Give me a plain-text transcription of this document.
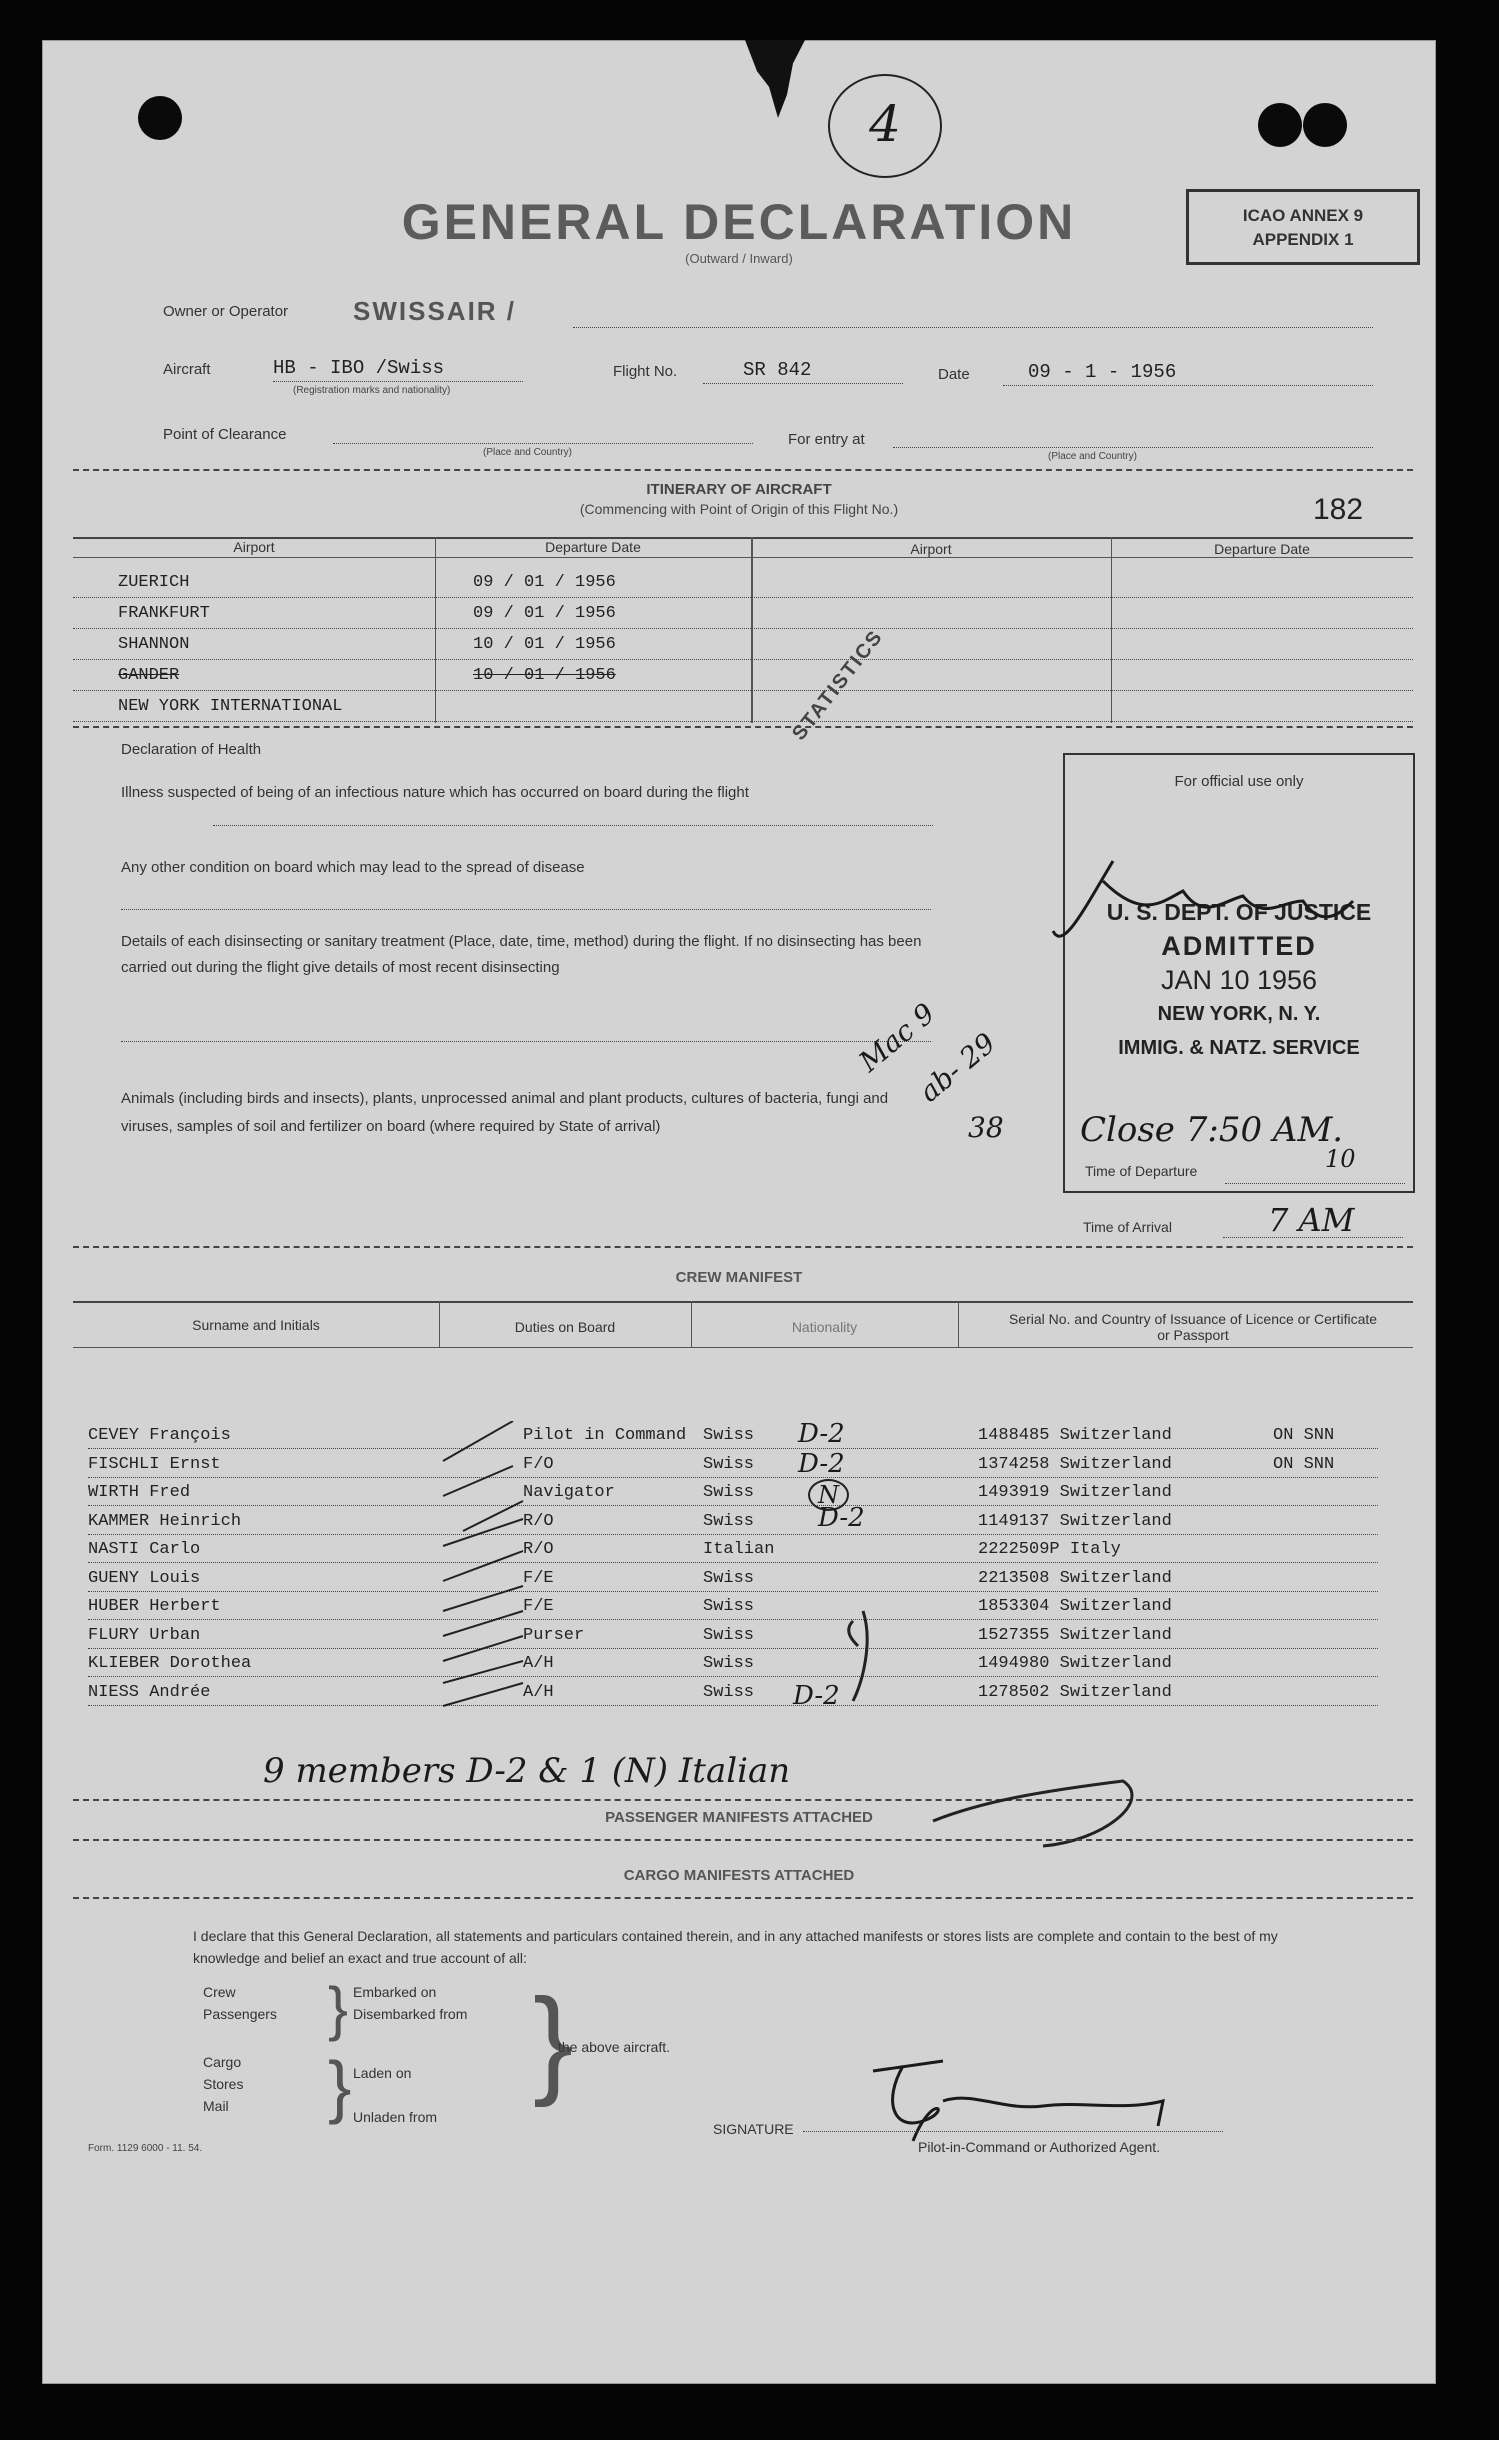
4
GENERAL DECLARATION
(Outward / Inward)
ICAO ANNEX 9
APPENDIX 1
Owner or Operator SWISSAIR /
Aircraft	HB - IBO /Swiss
(Registration marks and nationality)
Flight No.	SR 842	Date	09 - 1 - 1956
Point of Clearance
(Place and Country)
For entry at
(Place and Country)
ITINERARY OF AIRCRAFT
(Commencing with Point of Origin of this Flight No.)	182
Airport	Departure Date	Airport	Departure Date
ZUERICH	09 / 01 / 1956
FRANKFURT	09 / 01 / 1956
SHANNON	10 / 01 / 1956
GANDER	10 / 01 / 1956
NEW YORK INTERNATIONAL	STATISTICS
Declaration of Health
Illness suspected of being of an infectious nature which has occurred on board during the flight
Any other condition on board which may lead to the spread of disease
Details of each disinsecting or sanitary treatment (Place, date, time, method) during the flight. If no disinsecting has been carried out during the flight give details of most recent disinsecting
Animals (including birds and insects), plants, unprocessed animal and plant products, cultures of bacteria, fungi and viruses, samples of soil and fertilizer on board (where required by State of arrival)
Mac 9
ab- 29
38
For official use only
U. S. DEPT. OF JUSTICE
ADMITTED
JAN 10 1956
NEW YORK, N. Y.
IMMIG. & NATZ. SERVICE
Close 7:50 AM.
Time of Departure	10
Time of Arrival	7 AM
CREW MANIFEST
Surname and Initials	Duties on Board	Nationality	Serial No. and Country of Issuance of Licence or Certificate or Passport
CEVEY François	Pilot in Command Swiss	1488485 Switzerland	ON SNN
FISCHLI Ernst	F/O	Swiss	1374258 Switzerland	ON SNN
WIRTH Fred	Navigator	Swiss	1493919 Switzerland
KAMMER Heinrich	R/O	Swiss	1149137 Switzerland
NASTI Carlo	R/O	Italian	2222509P Italy
GUENY Louis	F/E	Swiss	2213508 Switzerland
HUBER Herbert	F/E	Swiss	1853304 Switzerland
FLURY Urban	Purser	Swiss	1527355 Switzerland
KLIEBER Dorothea	A/H	Swiss	1494980 Switzerland
NIESS Andrée	A/H	Swiss	1278502 Switzerland
D-2
D-2
N
D-2
D-2
9 members D-2 & 1 (N) Italian
PASSENGER MANIFESTS ATTACHED
CARGO MANIFESTS ATTACHED
I declare that this General Declaration, all statements and particulars contained therein, and in any attached manifests or stores lists are complete and contain to the best of my knowledge and belief an exact and true account of all:
Crew
Passengers
Embarked on
Disembarked from
Cargo
Stores
Mail
Laden on
Unladen from
}
} }
the above aircraft.
SIGNATURE
Pilot-in-Command or Authorized Agent.
Form. 1129 6000 - 11. 54.
